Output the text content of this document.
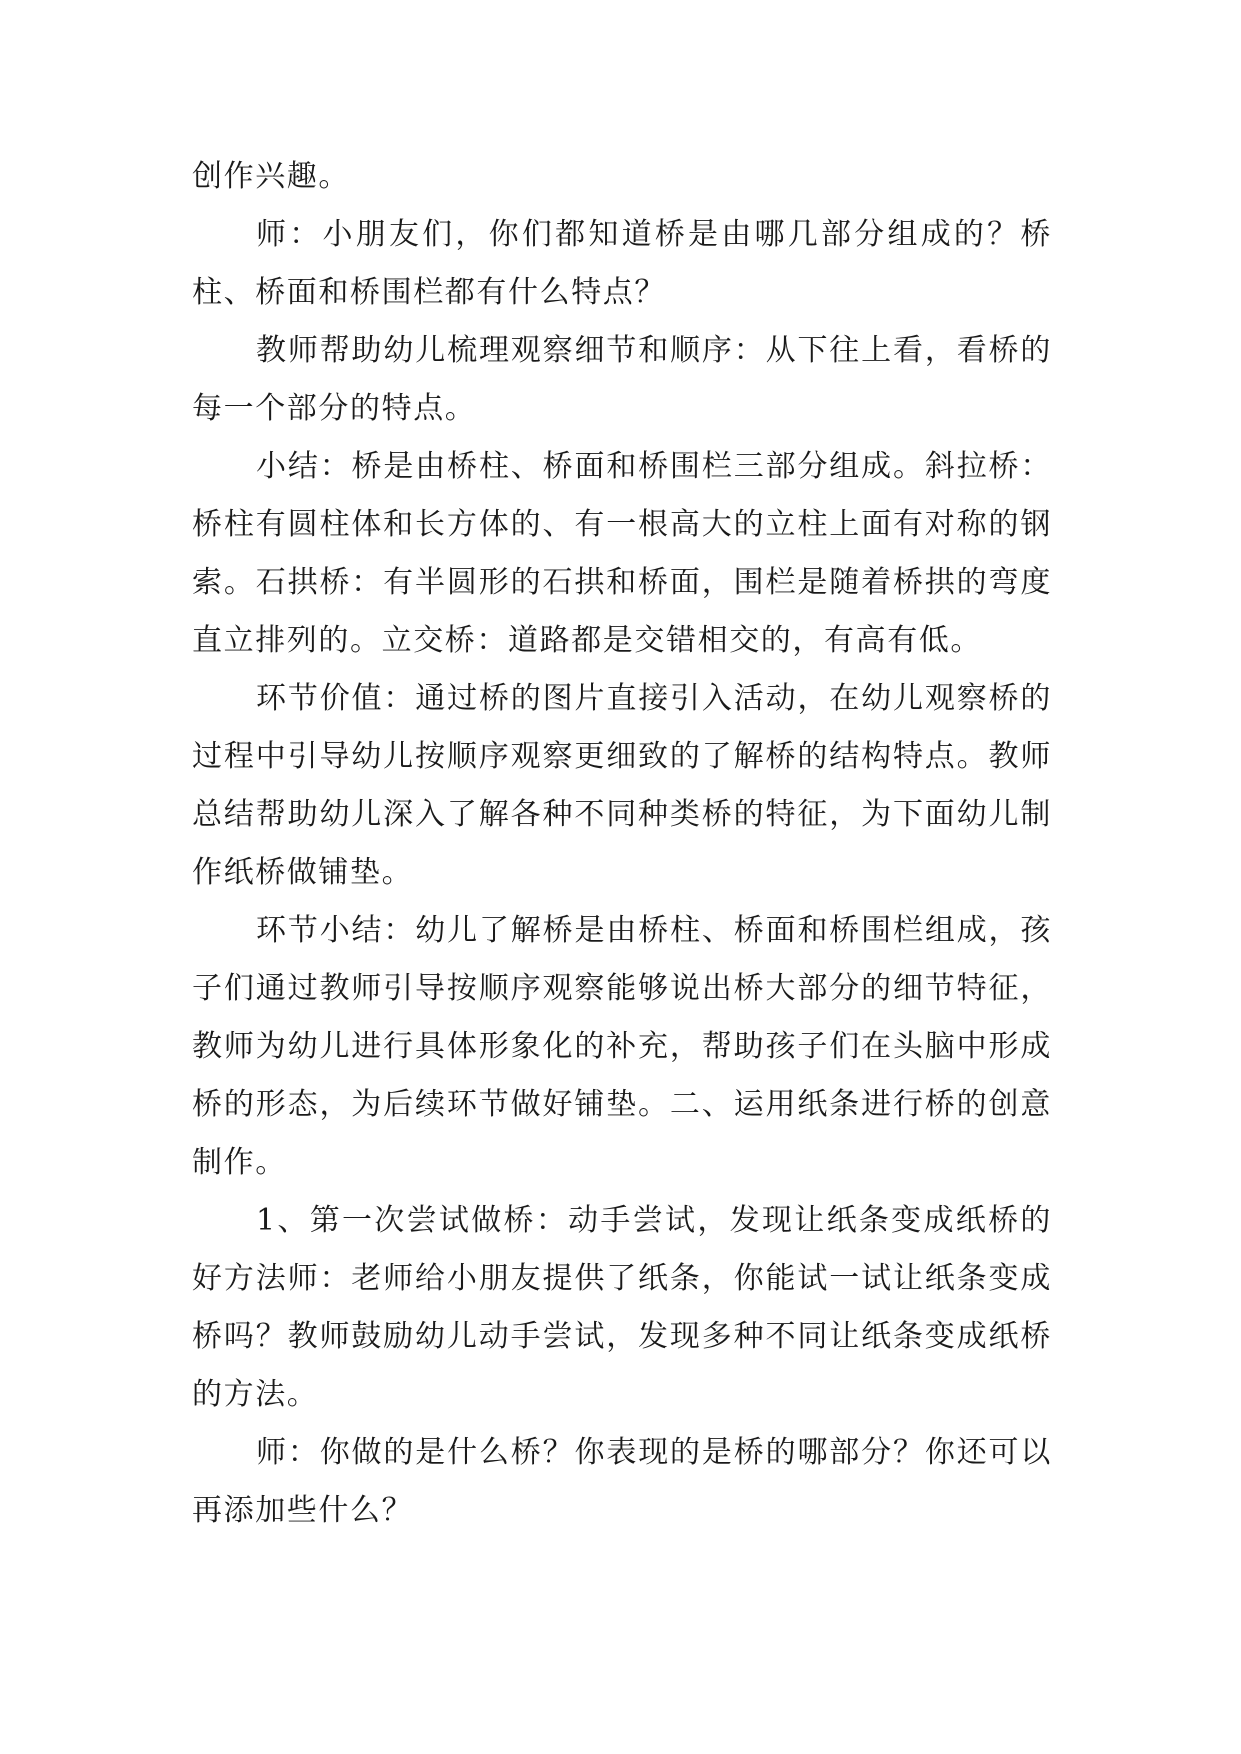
创作兴趣。

师：小朋友们，你们都知道桥是由哪几部分组成的？桥柱、桥面和桥围栏都有什么特点？

教师帮助幼儿梳理观察细节和顺序：从下往上看，看桥的每一个部分的特点。

小结：桥是由桥柱、桥面和桥围栏三部分组成。斜拉桥：桥柱有圆柱体和长方体的、有一根高大的立柱上面有对称的钢索。石拱桥：有半圆形的石拱和桥面，围栏是随着桥拱的弯度直立排列的。立交桥：道路都是交错相交的，有高有低。

环节价值：通过桥的图片直接引入活动，在幼儿观察桥的过程中引导幼儿按顺序观察更细致的了解桥的结构特点。教师总结帮助幼儿深入了解各种不同种类桥的特征，为下面幼儿制作纸桥做铺垫。

环节小结：幼儿了解桥是由桥柱、桥面和桥围栏组成，孩子们通过教师引导按顺序观察能够说出桥大部分的细节特征，教师为幼儿进行具体形象化的补充，帮助孩子们在头脑中形成桥的形态，为后续环节做好铺垫。二、运用纸条进行桥的创意制作。

1、第一次尝试做桥：动手尝试，发现让纸条变成纸桥的好方法师：老师给小朋友提供了纸条，你能试一试让纸条变成桥吗？教师鼓励幼儿动手尝试，发现多种不同让纸条变成纸桥的方法。

师：你做的是什么桥？你表现的是桥的哪部分？你还可以再添加些什么？
